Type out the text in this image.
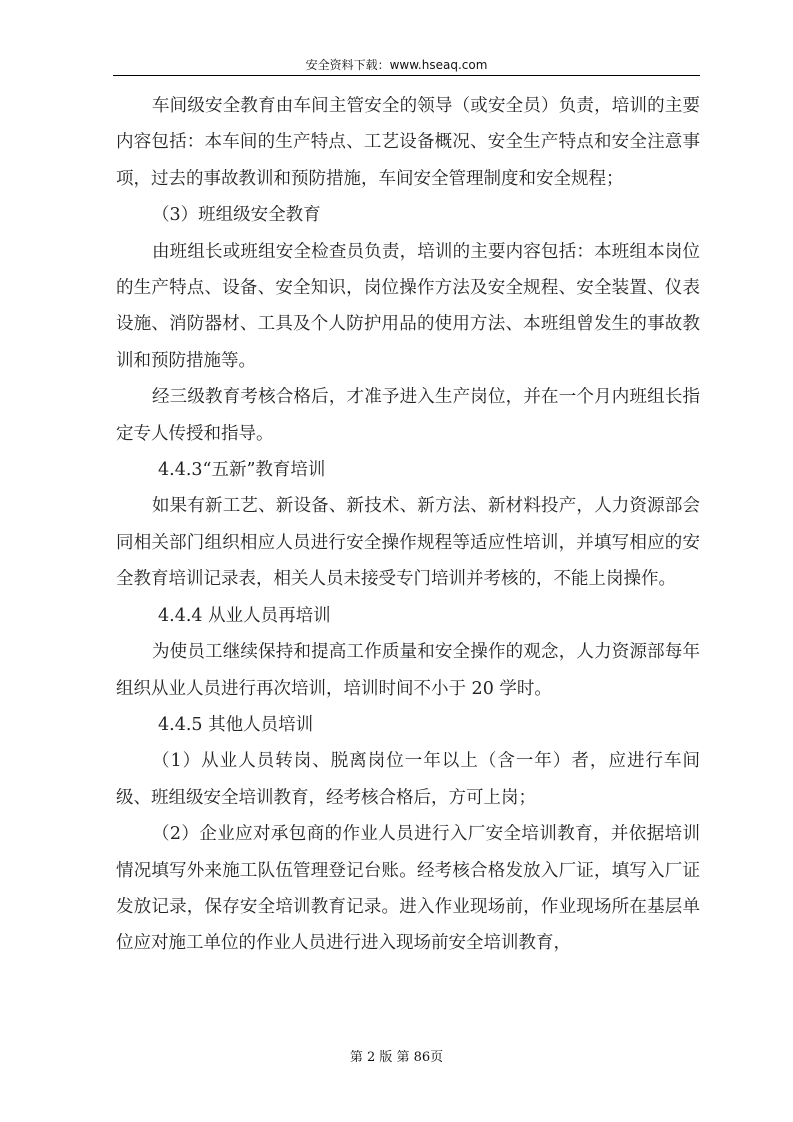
安全资料下载：www.hseaq.com

车间级安全教育由车间主管安全的领导（或安全员）负责，培训的主要内容包括：本车间的生产特点、工艺设备概况、安全生产特点和安全注意事项，过去的事故教训和预防措施，车间安全管理制度和安全规程；

（3）班组级安全教育

由班组长或班组安全检查员负责，培训的主要内容包括：本班组本岗位的生产特点、设备、安全知识，岗位操作方法及安全规程、安全装置、仪表设施、消防器材、工具及个人防护用品的使用方法、本班组曾发生的事故教训和预防措施等。

经三级教育考核合格后，才准予进入生产岗位，并在一个月内班组长指定专人传授和指导。

4.4.3“五新”教育培训

如果有新工艺、新设备、新技术、新方法、新材料投产，人力资源部会同相关部门组织相应人员进行安全操作规程等适应性培训，并填写相应的安全教育培训记录表，相关人员未接受专门培训并考核的，不能上岗操作。

4.4.4 从业人员再培训

为使员工继续保持和提高工作质量和安全操作的观念，人力资源部每年组织从业人员进行再次培训，培训时间不小于 20 学时。

4.4.5 其他人员培训

（1）从业人员转岗、脱离岗位一年以上（含一年）者，应进行车间级、班组级安全培训教育，经考核合格后，方可上岗；

（2）企业应对承包商的作业人员进行入厂安全培训教育，并依据培训情况填写外来施工队伍管理登记台账。经考核合格发放入厂证，填写入厂证发放记录，保存安全培训教育记录。进入作业现场前，作业现场所在基层单位应对施工单位的作业人员进行进入现场前安全培训教育，

第 2 版 第 86页
